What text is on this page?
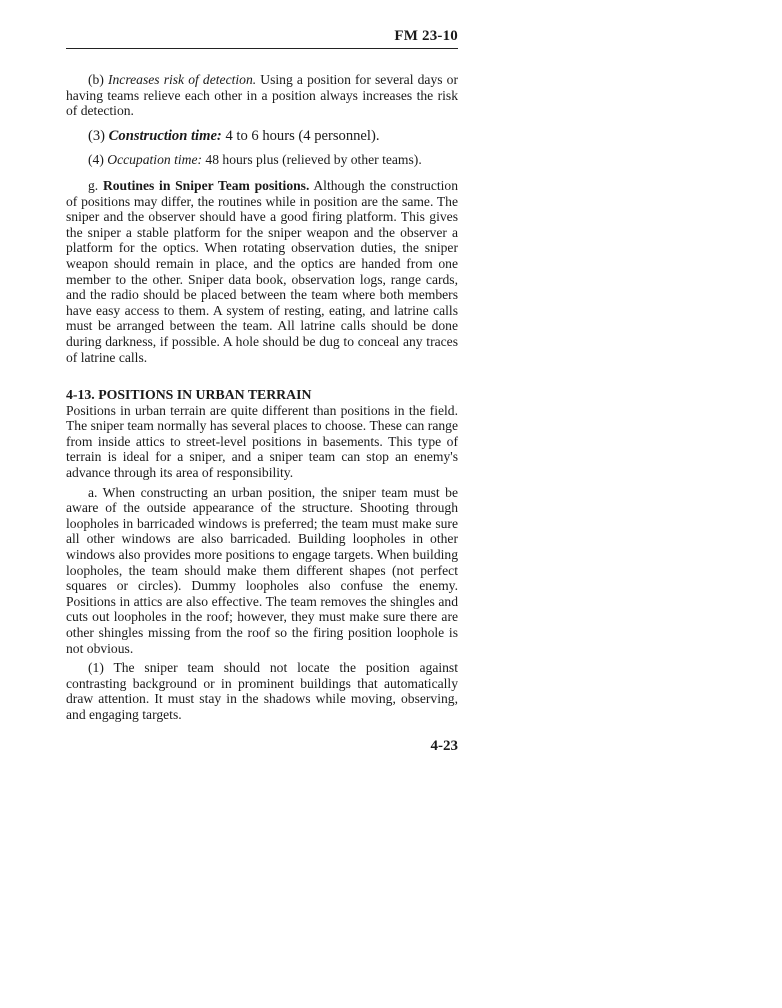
FM 23-10

(b) Increases risk of detection. Using a position for several days or having teams relieve each other in a position always increases the risk of detection.

(3) Construction time: 4 to 6 hours (4 personnel).

(4) Occupation time: 48 hours plus (relieved by other teams).

g. Routines in Sniper Team positions. Although the construction of positions may differ, the routines while in position are the same. The sniper and the observer should have a good firing platform. This gives the sniper a stable platform for the sniper weapon and the observer a platform for the optics. When rotating observation duties, the sniper weapon should remain in place, and the optics are handed from one member to the other. Sniper data book, observation logs, range cards, and the radio should be placed between the team where both members have easy access to them. A system of resting, eating, and latrine calls must be arranged between the team. All latrine calls should be done during darkness, if possible. A hole should be dug to conceal any traces of latrine calls.

4-13. POSITIONS IN URBAN TERRAIN

Positions in urban terrain are quite different than positions in the field. The sniper team normally has several places to choose. These can range from inside attics to street-level positions in basements. This type of terrain is ideal for a sniper, and a sniper team can stop an enemy's advance through its area of responsibility.

a. When constructing an urban position, the sniper team must be aware of the outside appearance of the structure. Shooting through loopholes in barricaded windows is preferred; the team must make sure all other windows are also barricaded. Building loopholes in other windows also provides more positions to engage targets. When building loopholes, the team should make them different shapes (not perfect squares or circles). Dummy loopholes also confuse the enemy. Positions in attics are also effective. The team removes the shingles and cuts out loopholes in the roof; however, they must make sure there are other shingles missing from the roof so the firing position loophole is not obvious.

(1) The sniper team should not locate the position against contrasting background or in prominent buildings that automatically draw attention. It must stay in the shadows while moving, observing, and engaging targets.

4-23
